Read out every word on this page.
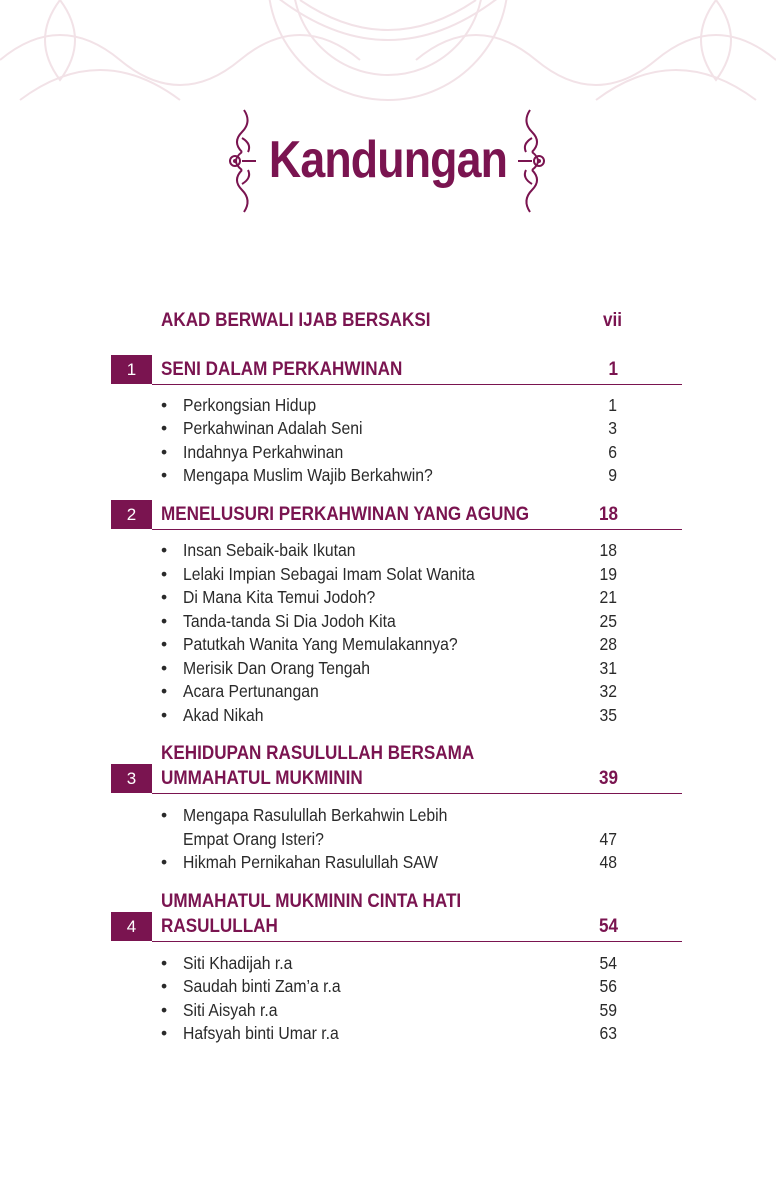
Kandungan
AKAD BERWALI IJAB BERSAKSI	vii
1	SENI DALAM PERKAHWINAN	1
• Perkongsian Hidup	1
• Perkahwinan Adalah Seni	3
• Indahnya Perkahwinan	6
• Mengapa Muslim Wajib Berkahwin?	9
2	MENELUSURI PERKAHWINAN YANG AGUNG	18
• Insan Sebaik-baik Ikutan	18
• Lelaki Impian Sebagai Imam Solat Wanita	19
• Di Mana Kita Temui Jodoh?	21
• Tanda-tanda Si Dia Jodoh Kita	25
• Patutkah Wanita Yang Memulakannya?	28
• Merisik Dan Orang Tengah	31
• Acara Pertunangan	32
• Akad Nikah	35
KEHIDUPAN RASULULLAH BERSAMA
3	UMMAHATUL MUKMININ	39
• Mengapa Rasulullah Berkahwin Lebih
Empat Orang Isteri?	47
• Hikmah Pernikahan Rasulullah SAW	48
UMMAHATUL MUKMININ CINTA HATI
4	RASULULLAH	54
• Siti Khadijah r.a	54
• Saudah binti Zam’a r.a	56
• Siti Aisyah r.a	59
• Hafsyah binti Umar r.a	63
